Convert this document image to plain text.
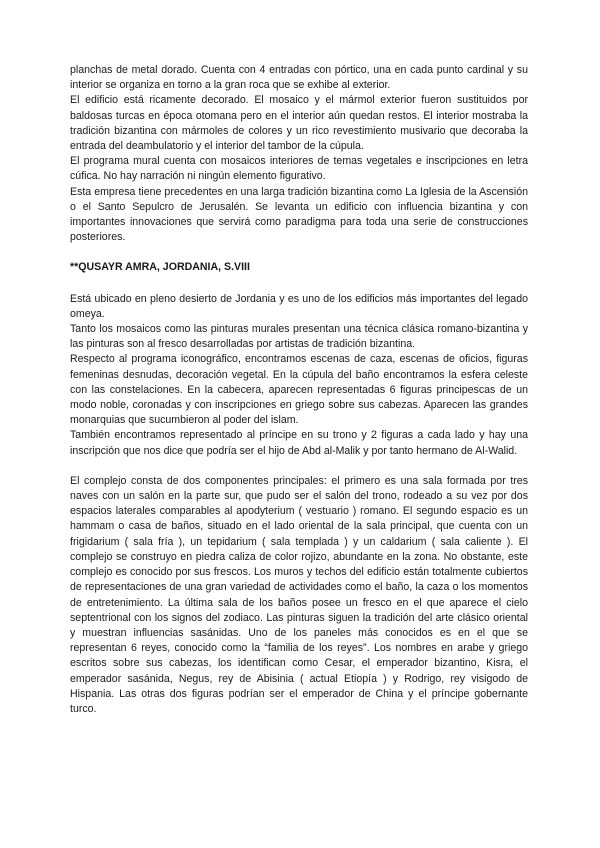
planchas de metal dorado. Cuenta con 4 entradas con pórtico, una en cada punto cardinal y su interior se organiza en torno a la gran roca que se exhibe al exterior.

El edificio está ricamente decorado. El mosaico y el mármol exterior fueron sustituidos por baldosas turcas en época otomana pero en el interior aún quedan restos. El interior mostraba la tradición bizantina con mármoles de colores y un rico revestimiento musivario que decoraba la entrada del deambulatorio y el interior del tambor de la cúpula.

El programa mural cuenta con mosaicos interiores de temas vegetales e inscripciones en letra cúfica. No hay narración ni ningún elemento figurativo.

Esta empresa tiene precedentes en una larga tradición bizantina como La Iglesia de la Ascensión o el Santo Sepulcro de Jerusalén. Se levanta un edificio con influencia bizantina y con importantes innovaciones que servirá como paradigma para toda una serie de construcciones posteriores.

**QUSAYR AMRA, JORDANIA, S.VIII

Está ubicado en pleno desierto de Jordania y es uno de los edificios más importantes del legado omeya.

Tanto los mosaicos como las pinturas murales presentan una técnica clásica romano-bizantina y las pinturas son al fresco desarrolladas por artistas de tradición bizantina.

Respecto al programa iconográfico, encontramos escenas de caza, escenas de oficios, figuras femeninas desnudas, decoración vegetal. En la cúpula del baño encontramos la esfera celeste con las constelaciones. En la cabecera, aparecen representadas 6 figuras principescas de un modo noble, coronadas y con inscripciones en griego sobre sus cabezas. Aparecen las grandes monarquias que sucumbieron al poder del islam.

También encontramos representado al príncipe en su trono y 2 figuras a cada lado y hay una inscripción que nos dice que podría ser el hijo de Abd al-Malik y por tanto hermano de Al-Walid.

El complejo consta de dos componentes principales: el primero es una sala formada por tres naves con un salón en la parte sur, que pudo ser el salón del trono, rodeado a su vez por dos espacios laterales comparables al apodyterium ( vestuario ) romano. El segundo espacio es un hammam o casa de baños, situado en el lado oriental de la sala principal, que cuenta con un frigidarium ( sala fría ), un tepidarium ( sala templada ) y un caldarium ( sala caliente ). El complejo se construyo en piedra caliza de color rojizo, abundante en la zona. No obstante, este complejo es conocido por sus frescos. Los muros y techos del edificio están totalmente cubiertos de representaciones de una gran variedad de actividades como el baño, la caza o los momentos de entretenimiento. La última sala de los baños posee un fresco en el que aparece el cielo septentrional con los signos del zodiaco. Las pinturas siguen la tradición del arte clásico oriental y muestran influencias sasánidas. Uno de los paneles más conocidos es en el que se representan 6 reyes, conocido como la “familia de los reyes”. Los nombres en arabe y griego escritos sobre sus cabezas, los identifican como Cesar, el emperador bizantino, Kisra, el emperador sasánida, Negus, rey de Abisinia ( actual Etiopía ) y Rodrigo, rey visigodo de Hispania. Las otras dos figuras podrían ser el emperador de China y el príncipe gobernante turco.
